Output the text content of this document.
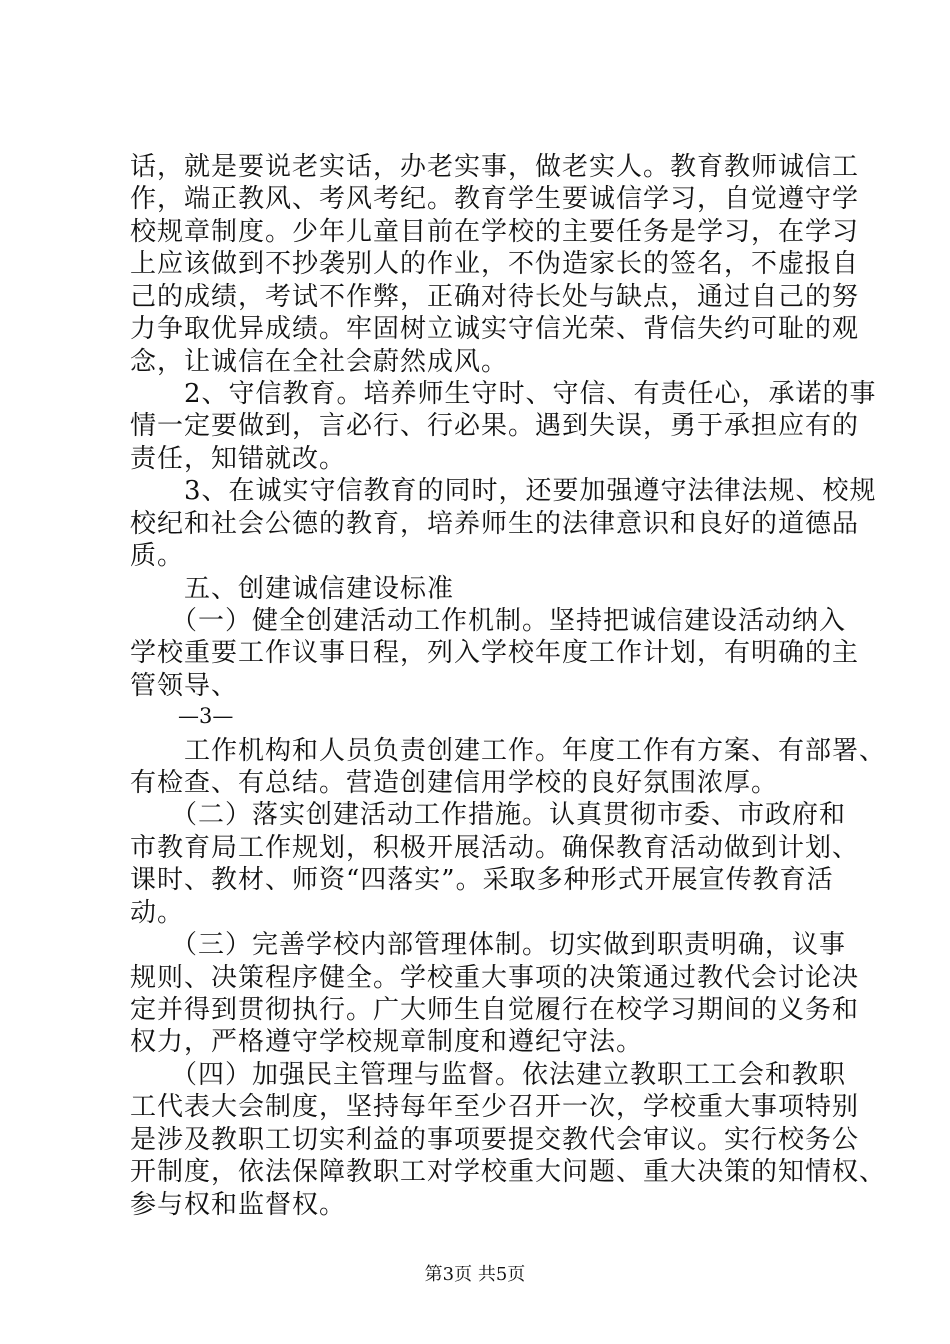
话，就是要说老实话，办老实事，做老实人。教育教师诚信工
作，端正教风、考风考纪。教育学生要诚信学习，自觉遵守学
校规章制度。少年儿童目前在学校的主要任务是学习，在学习
上应该做到不抄袭别人的作业，不伪造家长的签名，不虚报自
己的成绩，考试不作弊，正确对待长处与缺点，通过自己的努
力争取优异成绩。牢固树立诚实守信光荣、背信失约可耻的观
念，让诚信在全社会蔚然成风。
　　2、守信教育。培养师生守时、守信、有责任心，承诺的事
情一定要做到，言必行、行必果。遇到失误，勇于承担应有的
责任，知错就改。
　　3、在诚实守信教育的同时，还要加强遵守法律法规、校规
校纪和社会公德的教育，培养师生的法律意识和良好的道德品
质。
　　五、创建诚信建设标准
　　（一）健全创建活动工作机制。坚持把诚信建设活动纳入
学校重要工作议事日程，列入学校年度工作计划，有明确的主
管领导、
—3—
　　工作机构和人员负责创建工作。年度工作有方案、有部署、
有检查、有总结。营造创建信用学校的良好氛围浓厚。
　　（二）落实创建活动工作措施。认真贯彻市委、市政府和
市教育局工作规划，积极开展活动。确保教育活动做到计划、
课时、教材、师资“四落实”。采取多种形式开展宣传教育活
动。
　　（三）完善学校内部管理体制。切实做到职责明确，议事
规则、决策程序健全。学校重大事项的决策通过教代会讨论决
定并得到贯彻执行。广大师生自觉履行在校学习期间的义务和
权力，严格遵守学校规章制度和遵纪守法。
　　（四）加强民主管理与监督。依法建立教职工工会和教职
工代表大会制度，坚持每年至少召开一次，学校重大事项特别
是涉及教职工切实利益的事项要提交教代会审议。实行校务公
开制度，依法保障教职工对学校重大问题、重大决策的知情权、
参与权和监督权。
第3页 共5页
